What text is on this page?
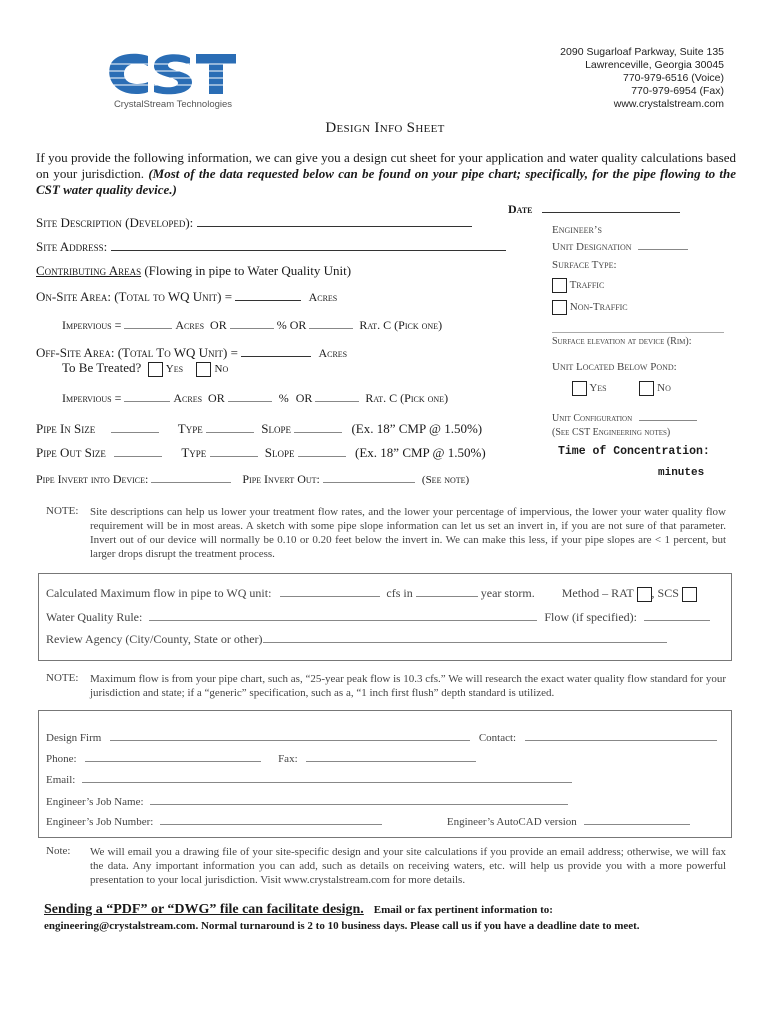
CrystalStream Technologies
2090 Sugarloaf Parkway, Suite 135
Lawrenceville, Georgia 30045
770-979-6516 (Voice)
770-979-6954 (Fax)
www.crystalstream.com
Design Info Sheet
If you provide the following information, we can give you a design cut sheet for your application and water quality calculations based on your jurisdiction. (Most of the data requested below can be found on your pipe chart; specifically, for the pipe flowing to the CST water quality device.)
Date
Site Description (Developed):
Site Address:
Contributing Areas (Flowing in pipe to Water Quality Unit)
On-Site Area: (Total to WQ Unit) =	Acres
Impervious =	Acres OR	% OR	Rat. C (Pick one)
Off-Site Area: (Total To WQ Unit) =	Acres
To Be Treated? Yes	No
Impervious =	Acres OR	% OR	Rat. C (Pick one)
Pipe In Size	Type	Slope	(Ex. 18” CMP @ 1.50%)
Pipe Out Size	Type	Slope	(Ex. 18” CMP @ 1.50%)
Pipe Invert into Device:	Pipe Invert Out:	(See note)
Engineer’s
Unit Designation
Surface Type:
Traffic
Non-Traffic
Surface elevation at device (Rim):
Unit Located Below Pond:
Yes	No
Unit Configuration
(See CST Engineering notes)
Time of Concentration:
minutes
NOTE: Site descriptions can help us lower your treatment flow rates, and the lower your percentage of impervious, the lower your water quality flow requirement will be in most areas. A sketch with some pipe slope information can let us set an invert in, if you are not sure of that parameter. Invert out of our device will normally be 0.10 or 0.20 feet below the invert in. We can make this less, if your pipe slopes are < 1 percent, but larger drops disrupt the treatment process.
Calculated Maximum flow in pipe to WQ unit:	cfs in	year storm. Method – RAT , SCS
Water Quality Rule:	Flow (if specified):
Review Agency (City/County, State or other)
NOTE: Maximum flow is from your pipe chart, such as, “25-year peak flow is 10.3 cfs.” We will research the exact water quality flow standard for your jurisdiction and state; if a “generic” specification, such as a, “1 inch first flush” depth standard is utilized.
Design Firm	Contact:
Phone:	Fax:
Email:
Engineer’s Job Name:
Engineer’s Job Number:	Engineer’s AutoCAD version
Note: We will email you a drawing file of your site-specific design and your site calculations if you provide an email address; otherwise, we will fax the data. Any important information you can add, such as details on receiving waters, etc. will help us provide you with a more powerful presentation to your local jurisdiction. Visit www.crystalstream.com for more details.
Sending a “PDF” or “DWG” file can facilitate design. Email or fax pertinent information to:
engineering@crystalstream.com. Normal turnaround is 2 to 10 business days. Please call us if you have a deadline date to meet.
